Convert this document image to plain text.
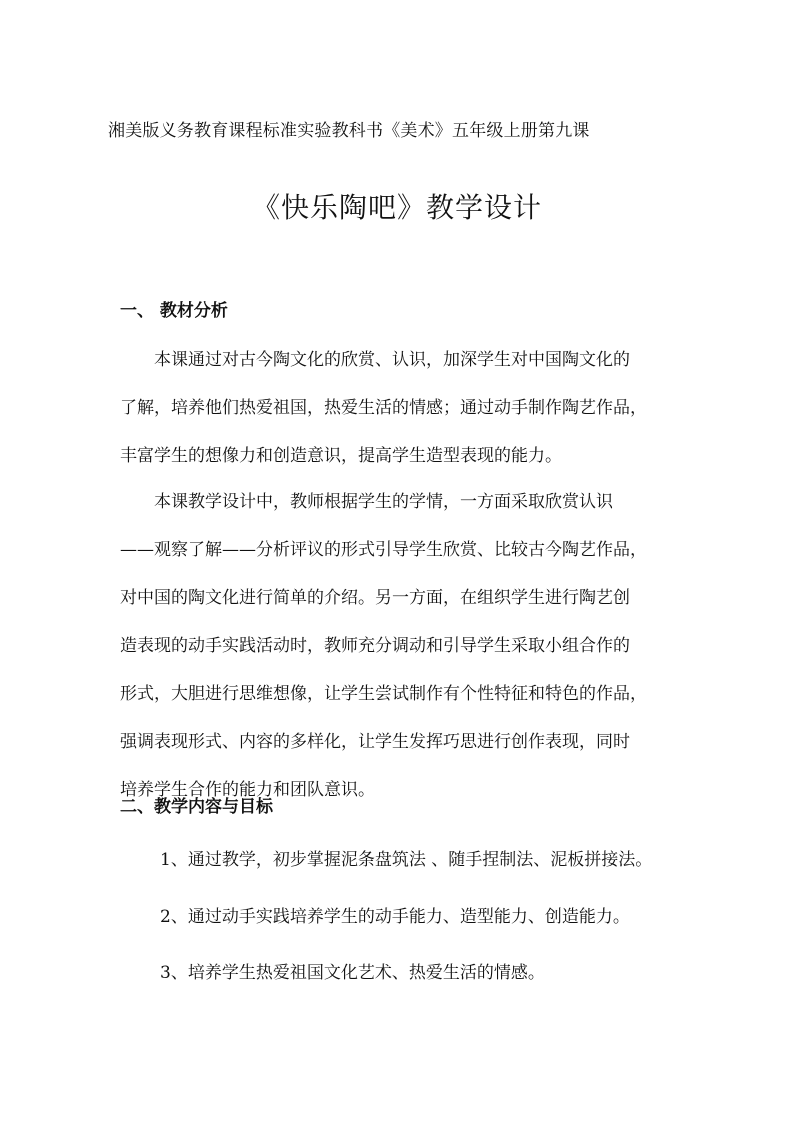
湘美版义务教育课程标准实验教科书《美术》五年级上册第九课
《快乐陶吧》教学设计
一、 教材分析
本课通过对古今陶文化的欣赏、认识，加深学生对中国陶文化的
了解，培养他们热爱祖国，热爱生活的情感；通过动手制作陶艺作品，
丰富学生的想像力和创造意识，提高学生造型表现的能力。
本课教学设计中，教师根据学生的学情，一方面采取欣赏认识
——观察了解——分析评议的形式引导学生欣赏、比较古今陶艺作品，
对中国的陶文化进行简单的介绍。另一方面，在组织学生进行陶艺创
造表现的动手实践活动时，教师充分调动和引导学生采取小组合作的
形式，大胆进行思维想像，让学生尝试制作有个性特征和特色的作品，
强调表现形式、内容的多样化，让学生发挥巧思进行创作表现，同时
培养学生合作的能力和团队意识。
二、教学内容与目标
1、通过教学，初步掌握泥条盘筑法 、随手捏制法、泥板拼接法。
2、通过动手实践培养学生的动手能力、造型能力、创造能力。
3、培养学生热爱祖国文化艺术、热爱生活的情感。
